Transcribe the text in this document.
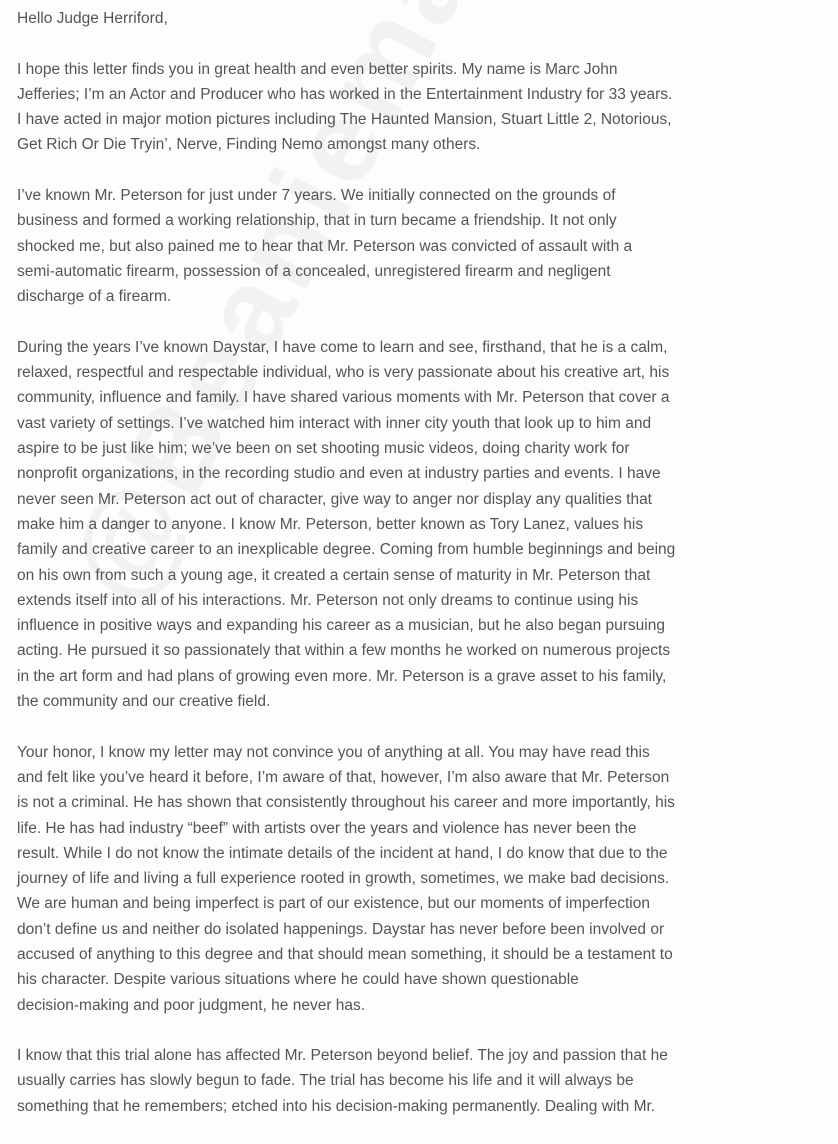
Hello Judge Herriford,
I hope this letter finds you in great health and even better spirits. My name is Marc John
Jefferies; I’m an Actor and Producer who has worked in the Entertainment Industry for 33 years.
I have acted in major motion pictures including The Haunted Mansion, Stuart Little 2, Notorious,
Get Rich Or Die Tryin’, Nerve, Finding Nemo amongst many others.
I’ve known Mr. Peterson for just under 7 years. We initially connected on the grounds of
business and formed a working relationship, that in turn became a friendship. It not only
shocked me, but also pained me to hear that Mr. Peterson was convicted of assault with a
semi-automatic firearm, possession of a concealed, unregistered firearm and negligent
discharge of a firearm.
During the years I’ve known Daystar, I have come to learn and see, firsthand, that he is a calm,
relaxed, respectful and respectable individual, who is very passionate about his creative art, his
community, influence and family. I have shared various moments with Mr. Peterson that cover a
vast variety of settings. I’ve watched him interact with inner city youth that look up to him and
aspire to be just like him; we’ve been on set shooting music videos, doing charity work for
nonprofit organizations, in the recording studio and even at industry parties and events. I have
never seen Mr. Peterson act out of character, give way to anger nor display any qualities that
make him a danger to anyone. I know Mr. Peterson, better known as Tory Lanez, values his
family and creative career to an inexplicable degree. Coming from humble beginnings and being
on his own from such a young age, it created a certain sense of maturity in Mr. Peterson that
extends itself into all of his interactions. Mr. Peterson not only dreams to continue using his
influence in positive ways and expanding his career as a musician, but he also began pursuing
acting. He pursued it so passionately that within a few months he worked on numerous projects
in the art form and had plans of growing even more. Mr. Peterson is a grave asset to his family,
the community and our creative field.
Your honor, I know my letter may not convince you of anything at all. You may have read this
and felt like you’ve heard it before, I’m aware of that, however, I’m also aware that Mr. Peterson
is not a criminal. He has shown that consistently throughout his career and more importantly, his
life. He has had industry “beef” with artists over the years and violence has never been the
result. While I do not know the intimate details of the incident at hand, I do know that due to the
journey of life and living a full experience rooted in growth, sometimes, we make bad decisions.
We are human and being imperfect is part of our existence, but our moments of imperfection
don’t define us and neither do isolated happenings. Daystar has never before been involved or
accused of anything to this degree and that should mean something, it should be a testament to
his character. Despite various situations where he could have shown questionable
decision-making and poor judgment, he never has.
I know that this trial alone has affected Mr. Peterson beyond belief. The joy and passion that he
usually carries has slowly begun to fade. The trial has become his life and it will always be
something that he remembers; etched into his decision-making permanently. Dealing with Mr.
